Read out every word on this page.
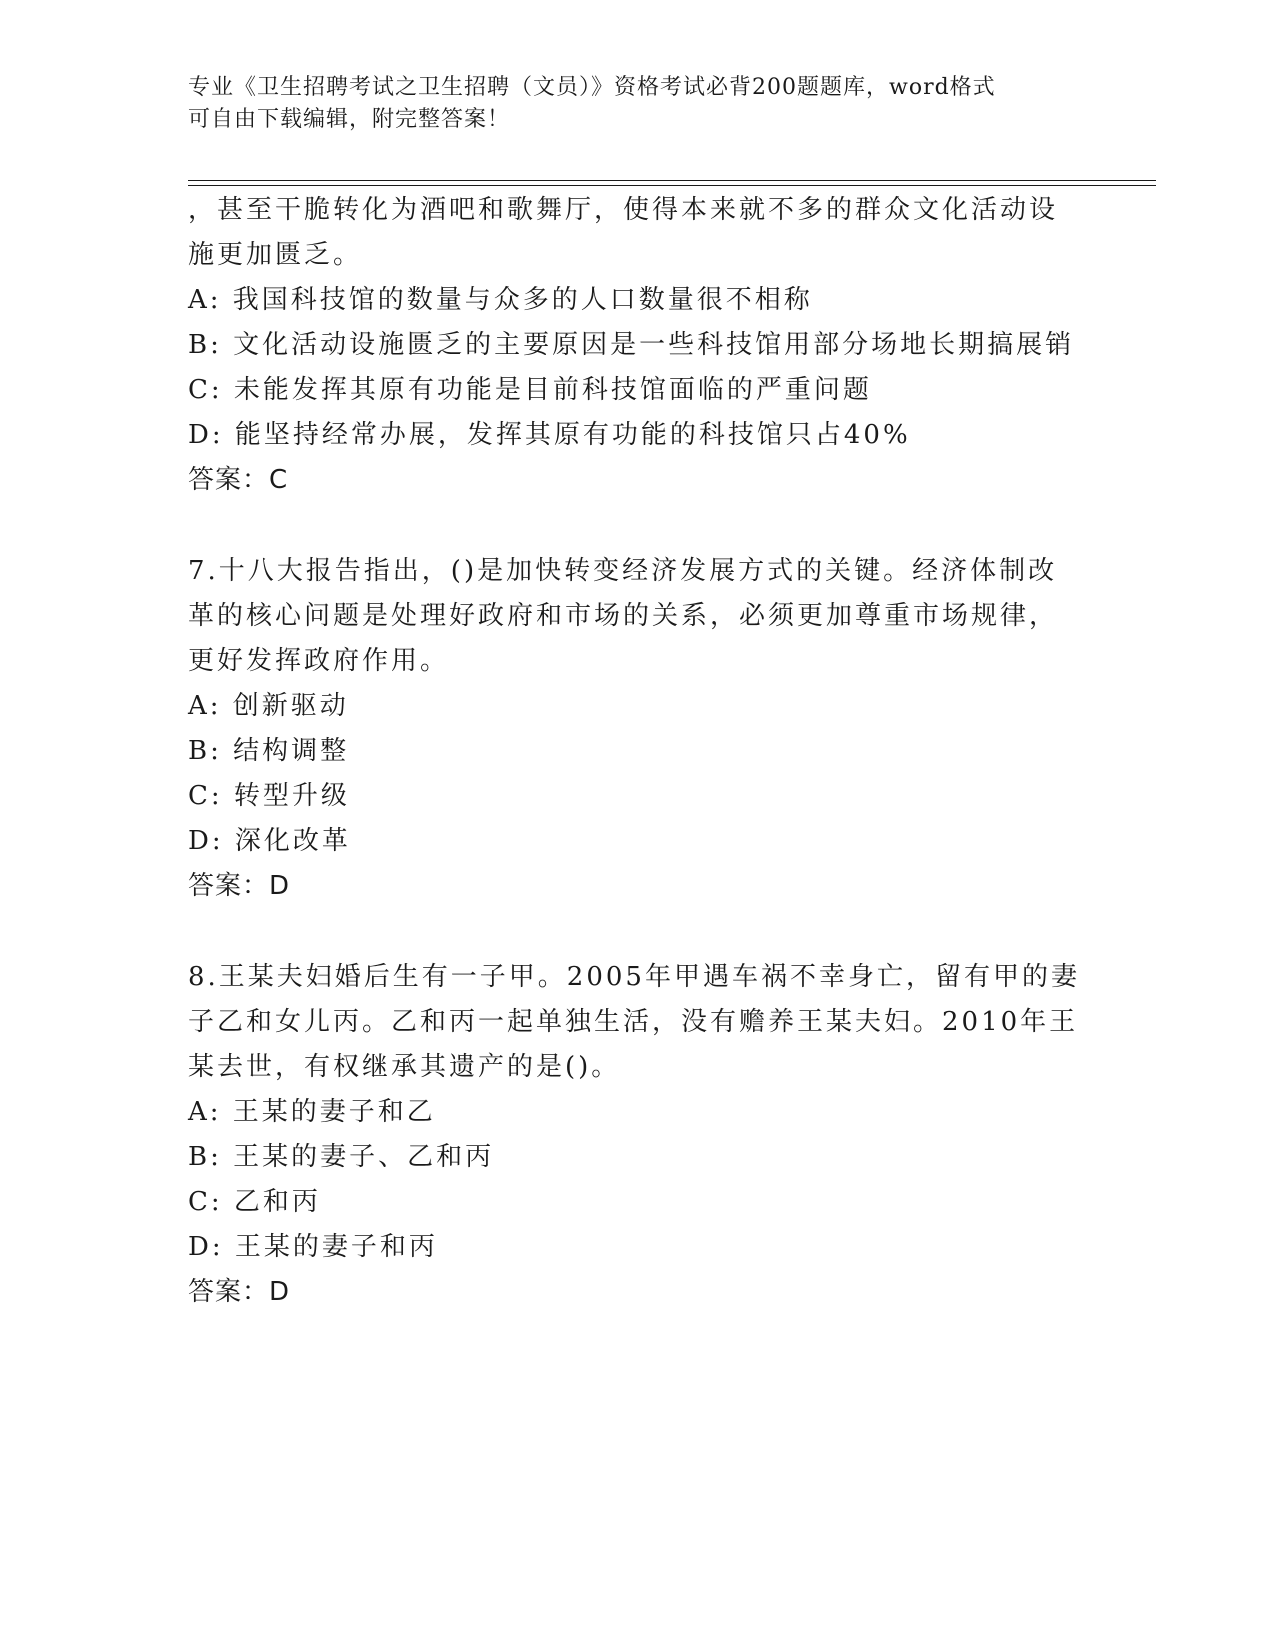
专业《卫生招聘考试之卫生招聘（文员）》资格考试必背200题题库，word格式
可自由下载编辑，附完整答案！
，甚至干脆转化为酒吧和歌舞厅，使得本来就不多的群众文化活动设
施更加匮乏。
A: 我国科技馆的数量与众多的人口数量很不相称
B: 文化活动设施匮乏的主要原因是一些科技馆用部分场地长期搞展销
C: 未能发挥其原有功能是目前科技馆面临的严重问题
D: 能坚持经常办展，发挥其原有功能的科技馆只占40%
答案：C
7.十八大报告指出，()是加快转变经济发展方式的关键。经济体制改
革的核心问题是处理好政府和市场的关系，必须更加尊重市场规律，
更好发挥政府作用。
A: 创新驱动
B: 结构调整
C: 转型升级
D: 深化改革
答案：D
8.王某夫妇婚后生有一子甲。2005年甲遇车祸不幸身亡，留有甲的妻
子乙和女儿丙。乙和丙一起单独生活，没有赡养王某夫妇。2010年王
某去世，有权继承其遗产的是()。
A: 王某的妻子和乙
B: 王某的妻子、乙和丙
C: 乙和丙
D: 王某的妻子和丙
答案：D
